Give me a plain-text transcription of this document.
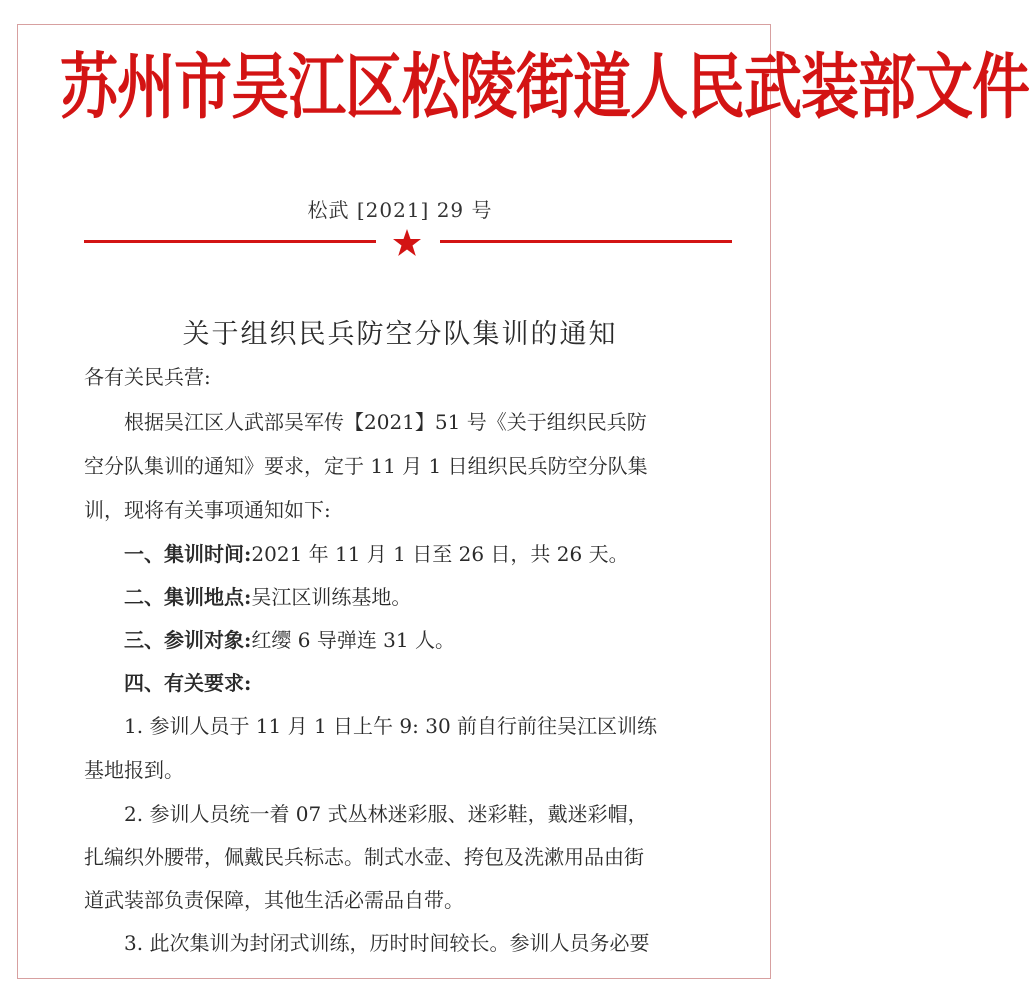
苏州市吴江区松陵街道人民武装部文件
松武 [2021] 29 号
关于组织民兵防空分队集训的通知
各有关民兵营:
根据吴江区人武部吴军传【2021】51 号《关于组织民兵防
空分队集训的通知》要求，定于 11 月 1 日组织民兵防空分队集
训，现将有关事项通知如下:
一、集训时间:2021 年 11 月 1 日至 26 日，共 26 天。
二、集训地点:吴江区训练基地。
三、参训对象:红缨 6 导弹连 31 人。
四、有关要求:
1. 参训人员于 11 月 1 日上午 9: 30 前自行前往吴江区训练
基地报到。
2. 参训人员统一着 07 式丛林迷彩服、迷彩鞋，戴迷彩帽，
扎编织外腰带，佩戴民兵标志。制式水壶、挎包及洗漱用品由街
道武装部负责保障，其他生活必需品自带。
3. 此次集训为封闭式训练，历时时间较长。参训人员务必要
